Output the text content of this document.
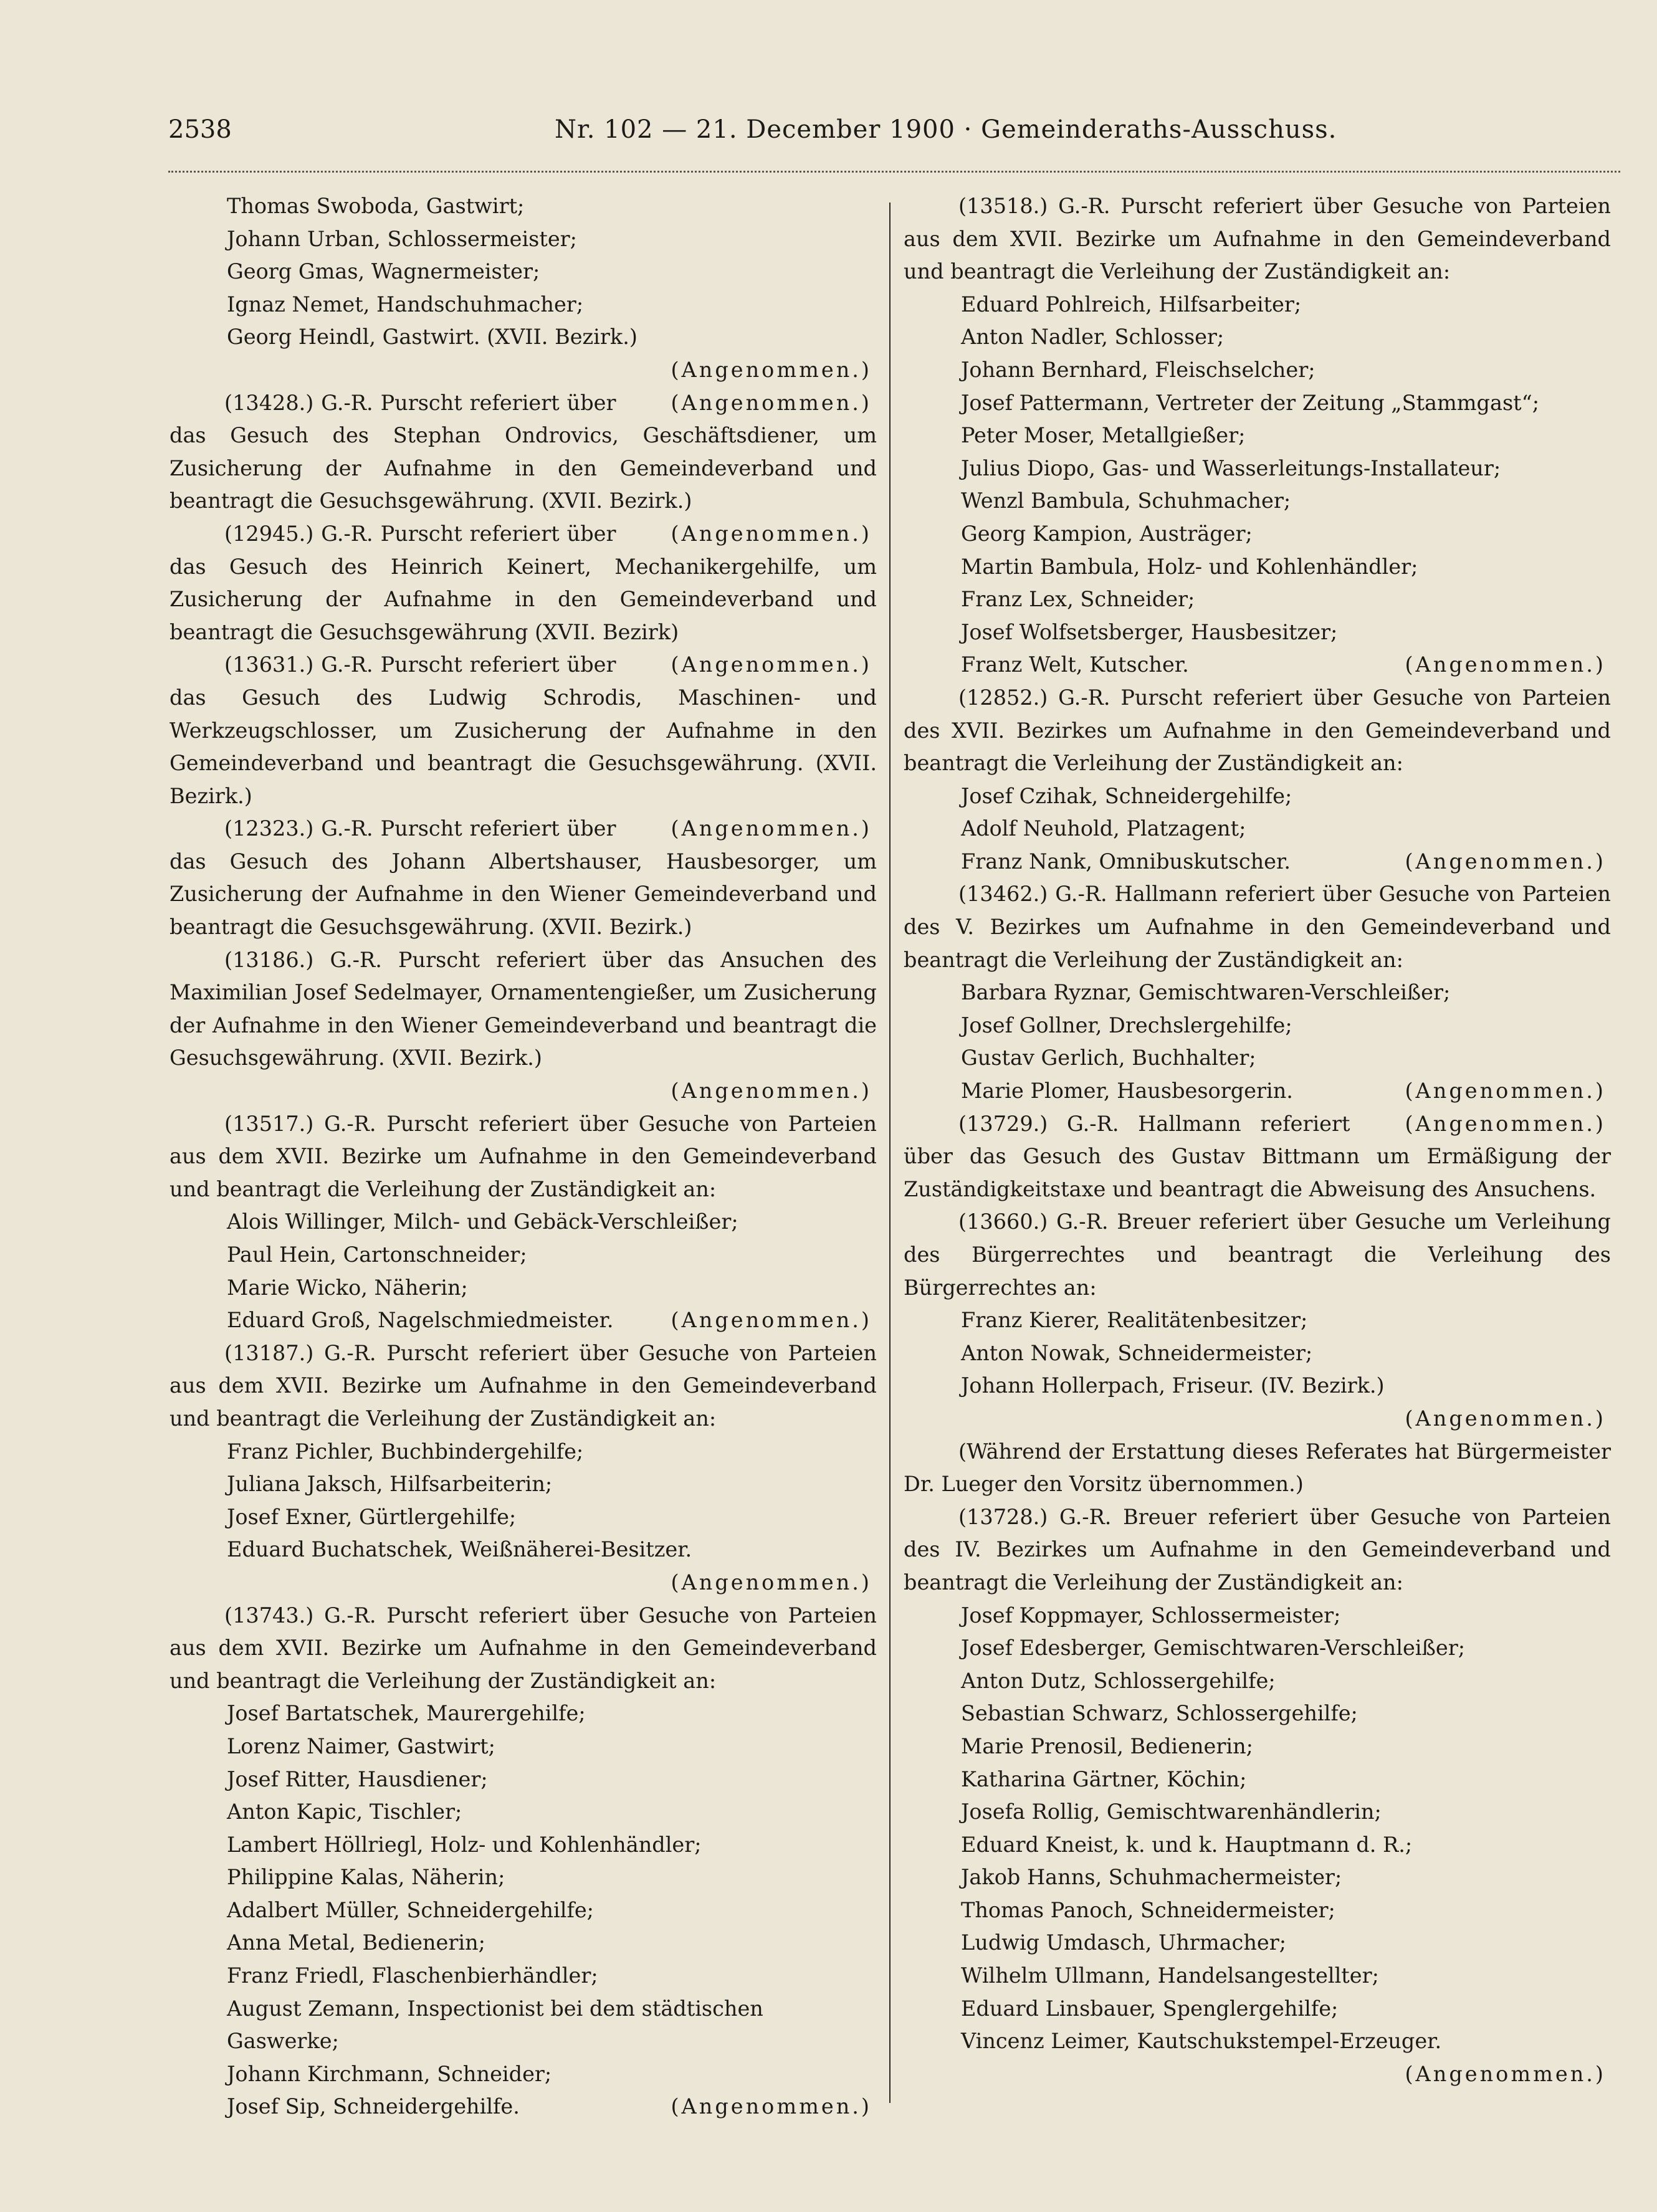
2538	Nr. 102 — 21. December 1900 · Gemeinderaths-Ausschuss.

Thomas Swoboda, Gastwirt;

Johann Urban, Schlossermeister;

Georg Gmas, Wagnermeister;

Ignaz Nemet, Handschuhmacher;

Georg Heindl, Gastwirt. (XVII. Bezirk.)

(Angenommen.)

(Angenommen.)
(13428.) G.-R. Purscht referiert über das Gesuch des Stephan Ondrovics, Geschäftsdiener, um Zusicherung der Aufnahme in den Gemeindeverband und beantragt die Gesuchsgewährung. (XVII. Bezirk.)

(Angenommen.)
(12945.) G.-R. Purscht referiert über das Gesuch des Heinrich Keinert, Mechanikergehilfe, um Zusicherung der Aufnahme in den Gemeindeverband und beantragt die Gesuchsgewährung (XVII. Bezirk)

(Angenommen.)
(13631.) G.-R. Purscht referiert über das Gesuch des Ludwig Schrodis, Maschinen- und Werkzeugschlosser, um Zusicherung der Aufnahme in den Gemeindeverband und beantragt die Gesuchsgewährung. (XVII. Bezirk.)

(Angenommen.)
(12323.) G.-R. Purscht referiert über das Gesuch des Johann Albertshauser, Hausbesorger, um Zusicherung der Aufnahme in den Wiener Gemeindeverband und beantragt die Gesuchsgewährung. (XVII. Bezirk.)

(13186.) G.-R. Purscht referiert über das Ansuchen des Maximilian Josef Sedelmayer, Ornamentengießer, um Zusicherung der Aufnahme in den Wiener Gemeindeverband und beantragt die Gesuchsgewährung. (XVII. Bezirk.)

(Angenommen.)

(13517.) G.-R. Purscht referiert über Gesuche von Parteien aus dem XVII. Bezirke um Aufnahme in den Gemeindeverband und beantragt die Verleihung der Zuständigkeit an:

Alois Willinger, Milch- und Gebäck-Verschleißer;

Paul Hein, Cartonschneider;

Marie Wicko, Näherin;

(Angenommen.)
Eduard Groß, Nagelschmiedmeister.

(13187.) G.-R. Purscht referiert über Gesuche von Parteien aus dem XVII. Bezirke um Aufnahme in den Gemeindeverband und beantragt die Verleihung der Zuständigkeit an:

Franz Pichler, Buchbindergehilfe;

Juliana Jaksch, Hilfsarbeiterin;

Josef Exner, Gürtlergehilfe;

Eduard Buchatschek, Weißnäherei-Besitzer.

(Angenommen.)

(13743.) G.-R. Purscht referiert über Gesuche von Parteien aus dem XVII. Bezirke um Aufnahme in den Gemeindeverband und beantragt die Verleihung der Zuständigkeit an:

Josef Bartatschek, Maurergehilfe;

Lorenz Naimer, Gastwirt;

Josef Ritter, Hausdiener;

Anton Kapic, Tischler;

Lambert Höllriegl, Holz- und Kohlenhändler;

Philippine Kalas, Näherin;

Adalbert Müller, Schneidergehilfe;

Anna Metal, Bedienerin;

Franz Friedl, Flaschenbierhändler;

August Zemann, Inspectionist bei dem städtischen Gaswerke;

Johann Kirchmann, Schneider;

(Angenommen.)
Josef Sip, Schneidergehilfe.

(13518.) G.-R. Purscht referiert über Gesuche von Parteien aus dem XVII. Bezirke um Aufnahme in den Gemeindeverband und beantragt die Verleihung der Zuständigkeit an:

Eduard Pohlreich, Hilfsarbeiter;

Anton Nadler, Schlosser;

Johann Bernhard, Fleischselcher;

Josef Pattermann, Vertreter der Zeitung „Stammgast“;

Peter Moser, Metallgießer;

Julius Diopo, Gas- und Wasserleitungs-Installateur;

Wenzl Bambula, Schuhmacher;

Georg Kampion, Austräger;

Martin Bambula, Holz- und Kohlenhändler;

Franz Lex, Schneider;

Josef Wolfsetsberger, Hausbesitzer;

(Angenommen.)
Franz Welt, Kutscher.

(12852.) G.-R. Purscht referiert über Gesuche von Parteien des XVII. Bezirkes um Aufnahme in den Gemeindeverband und beantragt die Verleihung der Zuständigkeit an:

Josef Czihak, Schneidergehilfe;

Adolf Neuhold, Platzagent;

(Angenommen.)
Franz Nank, Omnibuskutscher.

(13462.) G.-R. Hallmann referiert über Gesuche von Parteien des V. Bezirkes um Aufnahme in den Gemeindeverband und beantragt die Verleihung der Zuständigkeit an:

Barbara Ryznar, Gemischtwaren-Verschleißer;

Josef Gollner, Drechslergehilfe;

Gustav Gerlich, Buchhalter;

(Angenommen.)
Marie Plomer, Hausbesorgerin.

(Angenommen.)
(13729.) G.-R. Hallmann referiert über das Gesuch des Gustav Bittmann um Ermäßigung der Zuständigkeitstaxe und beantragt die Abweisung des Ansuchens.

(13660.) G.-R. Breuer referiert über Gesuche um Verleihung des Bürgerrechtes und beantragt die Verleihung des Bürgerrechtes an:

Franz Kierer, Realitätenbesitzer;

Anton Nowak, Schneidermeister;

Johann Hollerpach, Friseur. (IV. Bezirk.)

(Angenommen.)

(Während der Erstattung dieses Referates hat Bürgermeister Dr. Lueger den Vorsitz übernommen.)

(13728.) G.-R. Breuer referiert über Gesuche von Parteien des IV. Bezirkes um Aufnahme in den Gemeindeverband und beantragt die Verleihung der Zuständigkeit an:

Josef Koppmayer, Schlossermeister;

Josef Edesberger, Gemischtwaren-Verschleißer;

Anton Dutz, Schlossergehilfe;

Sebastian Schwarz, Schlossergehilfe;

Marie Prenosil, Bedienerin;

Katharina Gärtner, Köchin;

Josefa Rollig, Gemischtwarenhändlerin;

Eduard Kneist, k. und k. Hauptmann d. R.;

Jakob Hanns, Schuhmachermeister;

Thomas Panoch, Schneidermeister;

Ludwig Umdasch, Uhrmacher;

Wilhelm Ullmann, Handelsangestellter;

Eduard Linsbauer, Spenglergehilfe;

Vincenz Leimer, Kautschukstempel-Erzeuger.

(Angenommen.)
